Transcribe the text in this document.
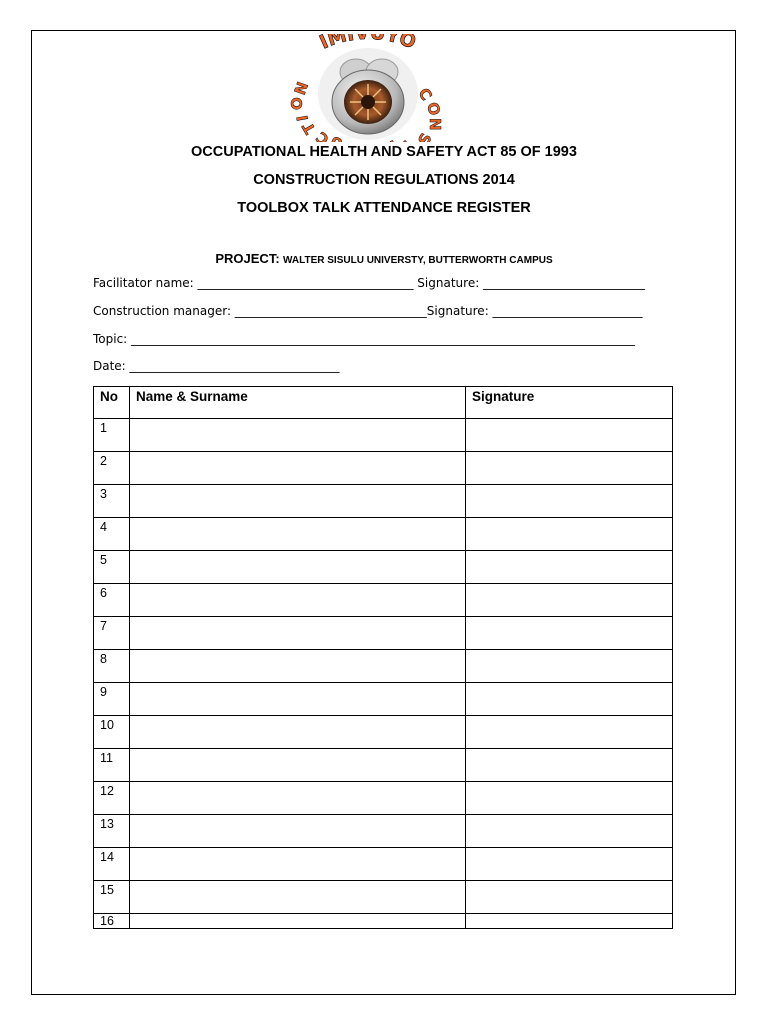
IMI YO
C
O
N
S
C
T
I
O
N
OCCUPATIONAL HEALTH AND SAFETY ACT 85 OF 1993
CONSTRUCTION REGULATIONS 2014
TOOLBOX TALK ATTENDANCE REGISTER
PROJECT: WALTER SISULU UNIVERSTY, BUTTERWORTH CAMPUS
Facilitator name: ____________________________________ Signature: ___________________________
Construction manager: ________________________________Signature: _________________________
Topic: ____________________________________________________________________________________
Date: ___________________________________
No	Name & Surname	Signature
1		
2		
3		
4		
5		
6		
7		
8		
9		
10		
11		
12		
13		
14		
15		
16		
